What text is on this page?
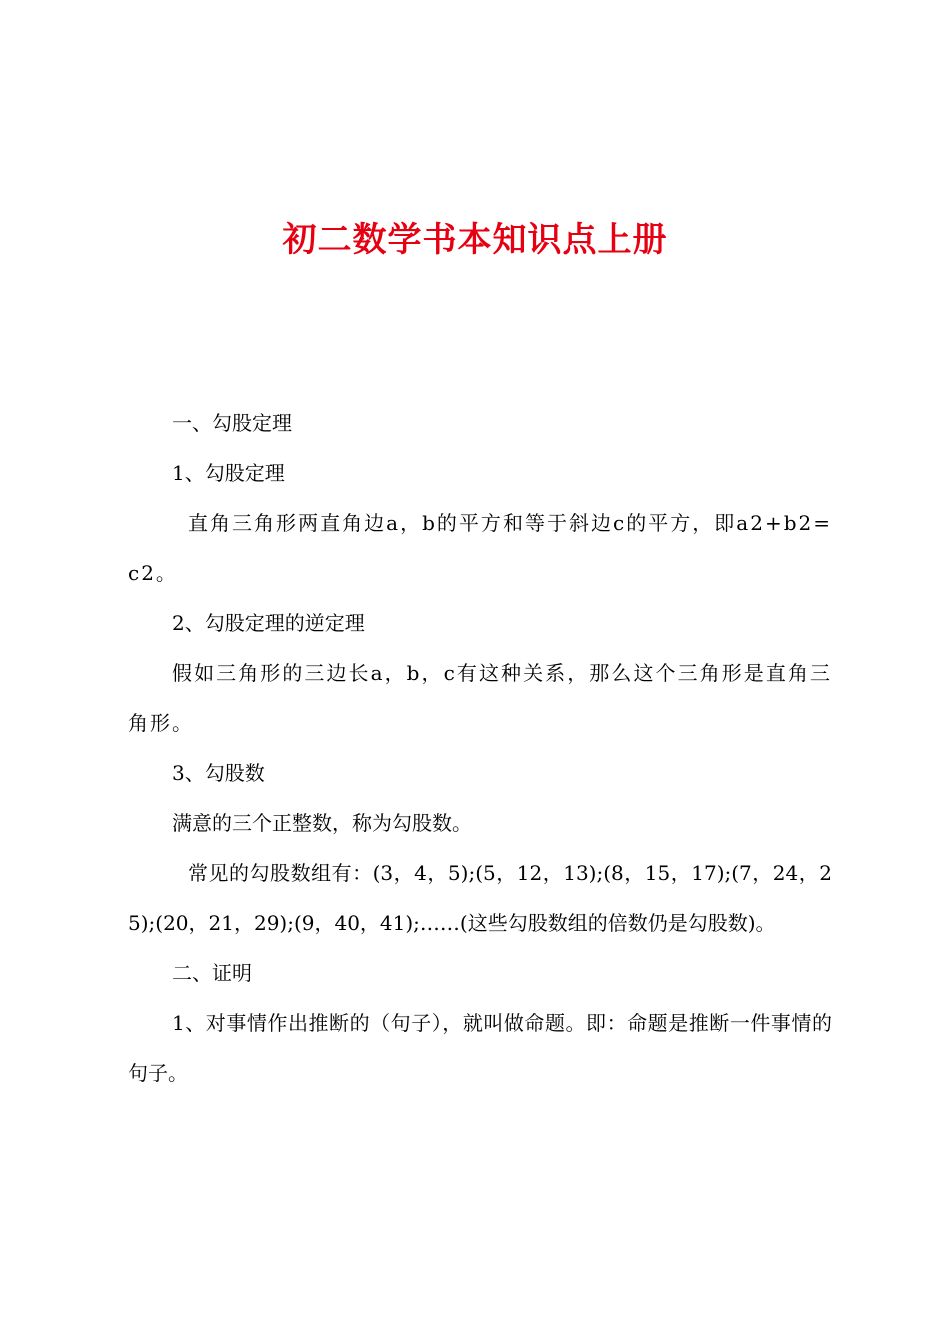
初二数学书本知识点上册

一、勾股定理

1、勾股定理

直角三角形两直角边a，b的平方和等于斜边c的平方，即a2+b2=c2。

2、勾股定理的逆定理

假如三角形的三边长a，b，c有这种关系，那么这个三角形是直角三角形。

3、勾股数

满意的三个正整数，称为勾股数。

常见的勾股数组有：(3，4，5);(5，12，13);(8，15，17);(7，24，25);(20，21，29);(9，40，41);……(这些勾股数组的倍数仍是勾股数)。

二、证明

1、对事情作出推断的（句子），就叫做命题。即：命题是推断一件事情的句子。
